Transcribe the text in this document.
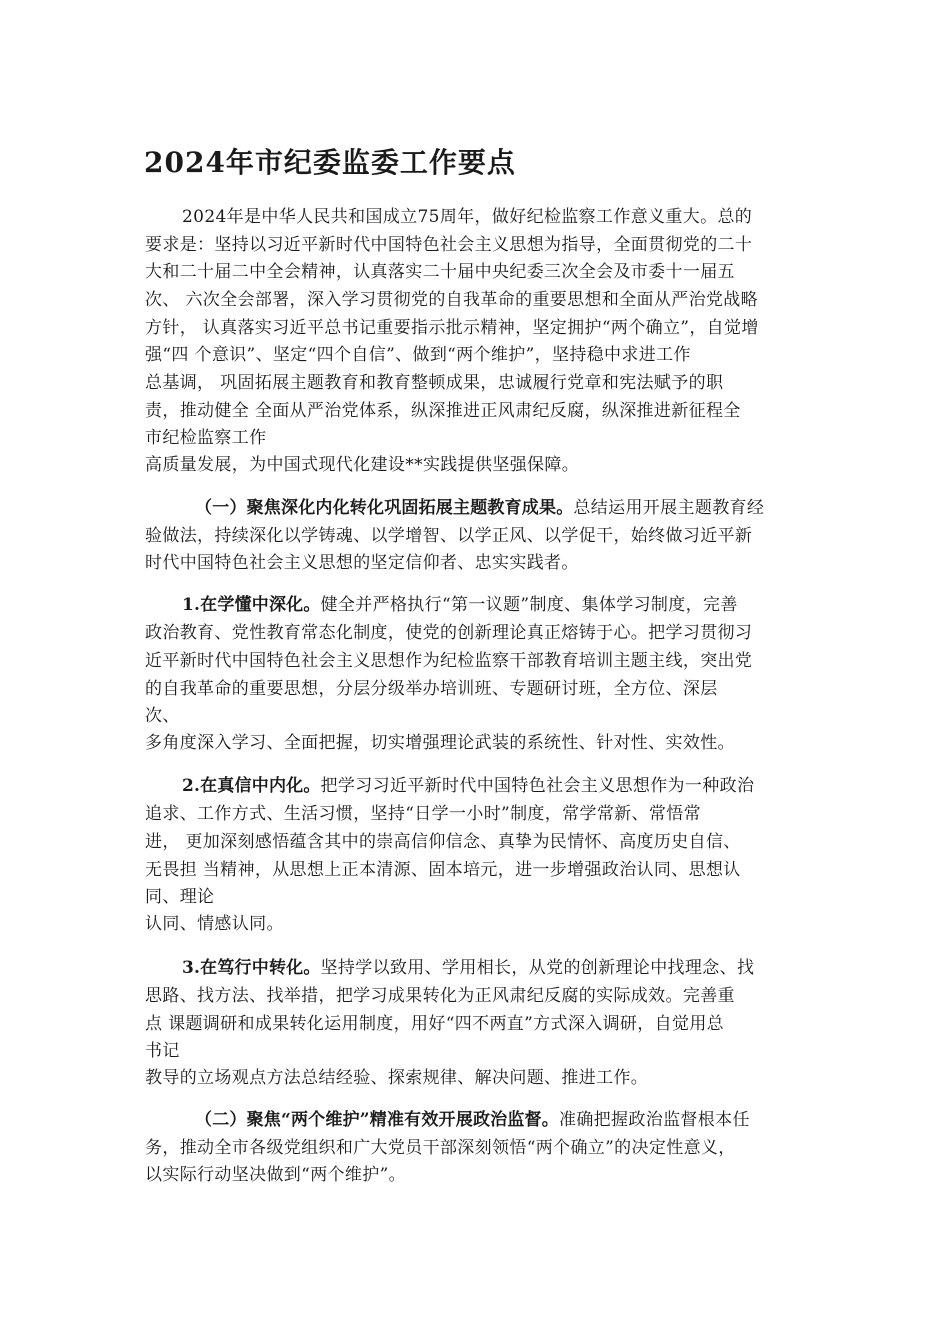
2024年市纪委监委工作要点
2024年是中华人民共和国成立75周年，做好纪检监察工作意义重大。总的
要求是：坚持以习近平新时代中国特色社会主义思想为指导，全面贯彻党的二十
大和二十届二中全会精神，认真落实二十届中央纪委三次全会及市委十一届五
次、 六次全会部署，深入学习贯彻党的自我革命的重要思想和全面从严治党战略
方针， 认真落实习近平总书记重要指示批示精神，坚定拥护“两个确立”，自觉增
强“四 个意识”、坚定“四个自信”、做到“两个维护”，坚持稳中求进工作
总基调， 巩固拓展主题教育和教育整顿成果，忠诚履行党章和宪法赋予的职
责，推动健全 全面从严治党体系，纵深推进正风肃纪反腐，纵深推进新征程全
市纪检监察工作
高质量发展，为中国式现代化建设**实践提供坚强保障。
（一）聚焦深化内化转化巩固拓展主题教育成果。总结运用开展主题教育经
验做法，持续深化以学铸魂、以学增智、以学正风、以学促干，始终做习近平新
时代中国特色社会主义思想的坚定信仰者、忠实实践者。
1.在学懂中深化。健全并严格执行“第一议题”制度、集体学习制度，完善
政治教育、党性教育常态化制度，使党的创新理论真正熔铸于心。把学习贯彻习
近平新时代中国特色社会主义思想作为纪检监察干部教育培训主题主线，突出党
的自我革命的重要思想，分层分级举办培训班、专题研讨班，全方位、深层
次、
多角度深入学习、全面把握，切实增强理论武装的系统性、针对性、实效性。
2.在真信中内化。把学习习近平新时代中国特色社会主义思想作为一种政治
追求、工作方式、生活习惯，坚持“日学一小时”制度，常学常新、常悟常
进， 更加深刻感悟蕴含其中的崇高信仰信念、真挚为民情怀、高度历史自信、
无畏担 当精神，从思想上正本清源、固本培元，进一步增强政治认同、思想认
同、理论
认同、情感认同。
3.在笃行中转化。坚持学以致用、学用相长，从党的创新理论中找理念、找
思路、找方法、找举措，把学习成果转化为正风肃纪反腐的实际成效。完善重
点 课题调研和成果转化运用制度，用好“四不两直”方式深入调研，自觉用总
书记
教导的立场观点方法总结经验、探索规律、解决问题、推进工作。
（二）聚焦“两个维护”精准有效开展政治监督。准确把握政治监督根本任
务，推动全市各级党组织和广大党员干部深刻领悟“两个确立”的决定性意义，
以实际行动坚决做到“两个维护”。
